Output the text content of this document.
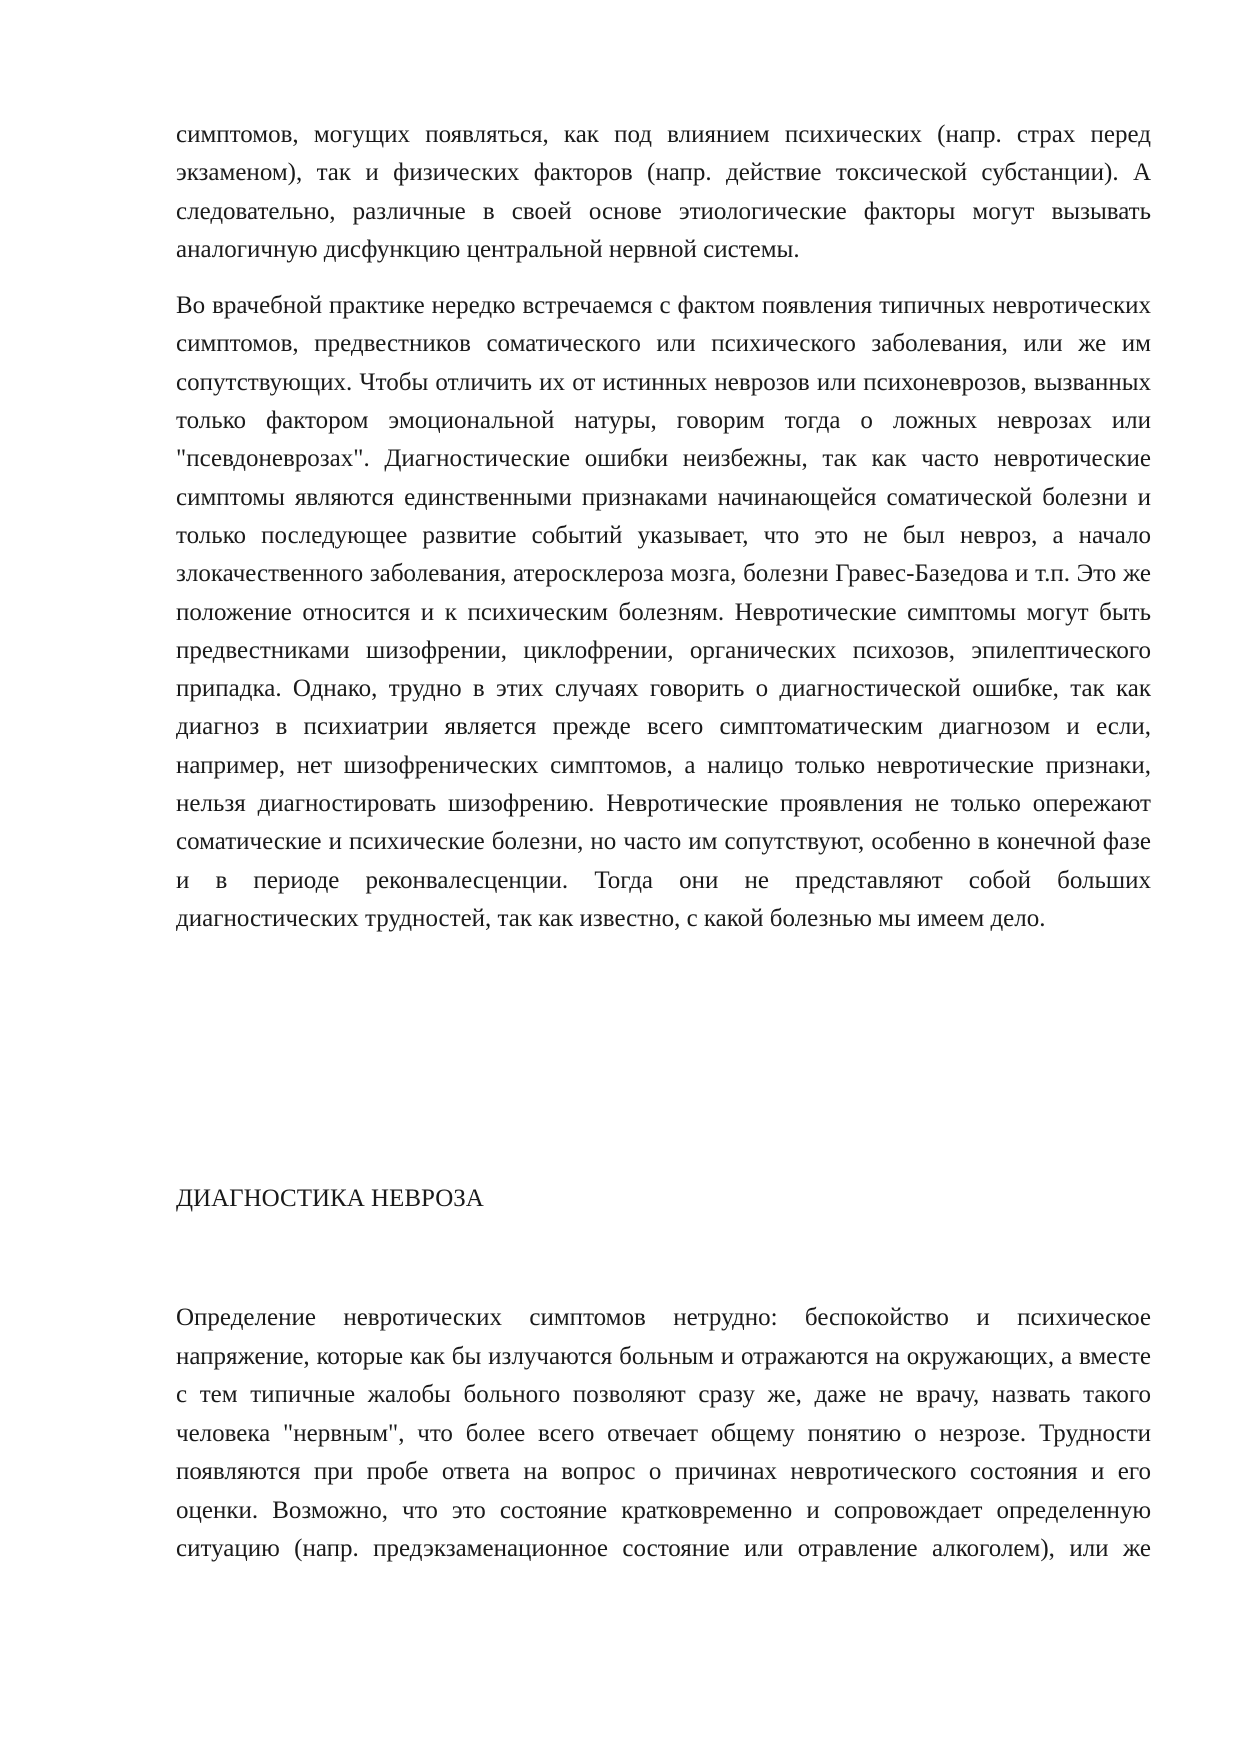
симптомов, могущих появляться, как под влиянием психических (напр. страх перед экзаменом), так и физических факторов (напр. действие токсической субстанции). А следовательно, различные в своей основе этиологические факторы могут вызывать аналогичную дисфункцию центральной нервной системы.

Во врачебной практике нередко встречаемся с фактом появления типичных невротических симптомов, предвестников соматического или психического заболевания, или же им сопутствующих. Чтобы отличить их от истинных неврозов или психоневрозов, вызванных только фактором эмоциональной натуры, говорим тогда о ложных неврозах или "псевдоневрозах". Диагностические ошибки неизбежны, так как часто невротические симптомы являются единственными признаками начинающейся соматической болезни и только последующее развитие событий указывает, что это не был невроз, а начало злокачественного заболевания, атеросклероза мозга, болезни Гравес-Базедова и т.п. Это же положение относится и к психическим болезням. Невротические симптомы могут быть предвестниками шизофрении, циклофрении, органических психозов, эпилептического припадка. Однако, трудно в этих случаях говорить о диагностической ошибке, так как диагноз в психиатрии является прежде всего симптоматическим диагнозом и если, например, нет шизофренических симптомов, а налицо только невротические признаки, нельзя диагностировать шизофрению. Невротические проявления не только опережают соматические и психические болезни, но часто им сопутствуют, особенно в конечной фазе и в периоде реконвалесценции. Тогда они не представляют собой больших диагностических трудностей, так как известно, с какой болезнью мы имеем дело.

ДИАГНОСТИКА НЕВРОЗА

Определение невротических симптомов нетрудно: беспокойство и психическое напряжение, которые как бы излучаются больным и отражаются на окружающих, а вместе с тем типичные жалобы больного позволяют сразу же, даже не врачу, назвать такого человека "нервным", что более всего отвечает общему понятию о незрозе. Трудности появляются при пробе ответа на вопрос о причинах невротического состояния и его оценки. Возможно, что это состояние кратковременно и сопровождает определенную ситуацию (напр. предэкзаменационное состояние или отравление алкоголем), или же
